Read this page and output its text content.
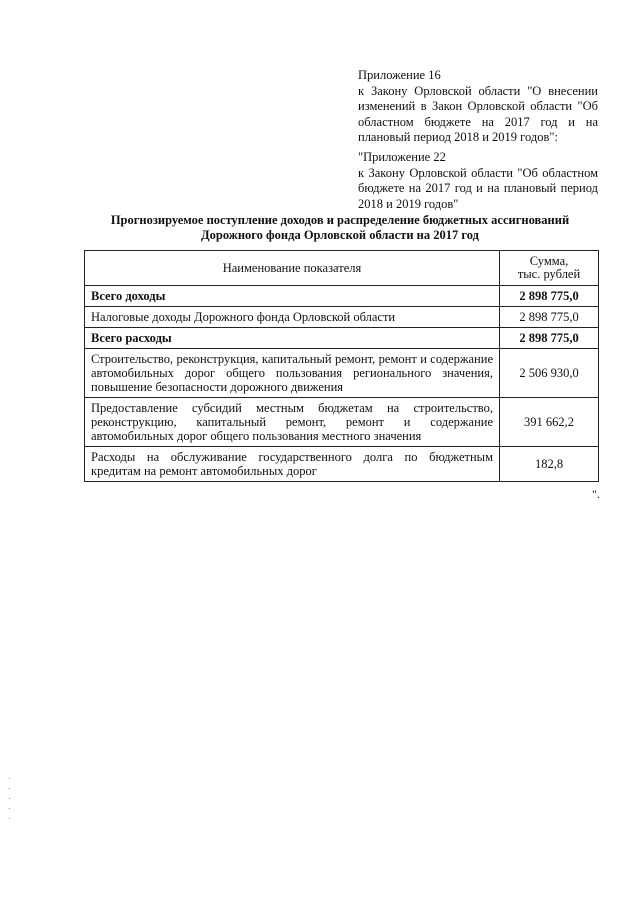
Приложение 16
к Закону Орловской области "О внесении изменений в Закон Орловской области "Об областном бюджете на 2017 год и на плановый период 2018 и 2019 годов":
"Приложение 22
к Закону Орловской области "Об областном бюджете на 2017 год и на плановый период 2018 и 2019 годов"
Прогнозируемое поступление доходов и распределение бюджетных ассигнований
Дорожного фонда Орловской области на 2017 год
Наименование показателя	Сумма,
тыс. рублей

Всего доходы	2 898 775,0
Налоговые доходы Дорожного фонда Орловской области	2 898 775,0
Всего расходы	2 898 775,0
Строительство, реконструкция, капитальный ремонт, ремонт и содержание автомобильных дорог общего пользования регионального значения, повышение безопасности дорожного движения	2 506 930,0
Предоставление субсидий местным бюджетам на строительство, реконструкцию, капитальный ремонт, ремонт и содержание автомобильных дорог общего пользования местного значения	391 662,2
Расходы на обслуживание государственного долга по бюджетным кредитам на ремонт автомобильных дорог	182,8
".
